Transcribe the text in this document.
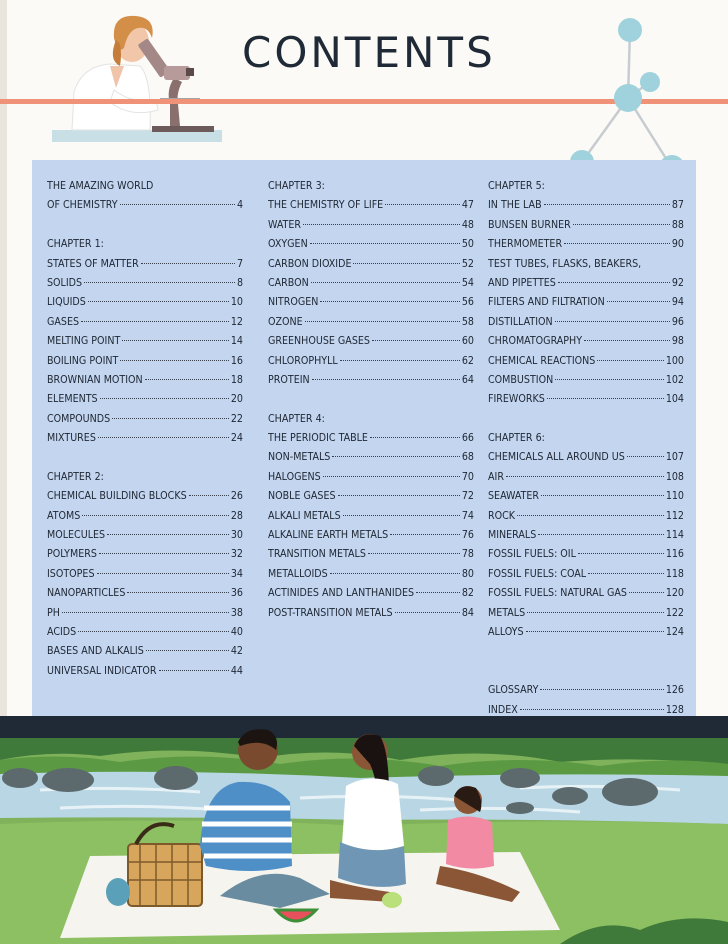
CONTENTS
THE AMAZING WORLD
OF CHEMISTRY	4
CHAPTER 1:
STATES OF MATTER	7
SOLIDS	8
LIQUIDS	10
GASES	12
MELTING POINT	14
BOILING POINT	16
BROWNIAN MOTION	18
ELEMENTS	20
COMPOUNDS	22
MIXTURES	24
CHAPTER 2:
CHEMICAL BUILDING BLOCKS	26
ATOMS	28
MOLECULES	30
POLYMERS	32
ISOTOPES	34
NANOPARTICLES	36
PH	38
ACIDS	40
BASES AND ALKALIS	42
UNIVERSAL INDICATOR	44
CHAPTER 3:
THE CHEMISTRY OF LIFE	47
WATER	48
OXYGEN	50
CARBON DIOXIDE	52
CARBON	54
NITROGEN	56
OZONE	58
GREENHOUSE GASES	60
CHLOROPHYLL	62
PROTEIN	64
CHAPTER 4:
THE PERIODIC TABLE	66
NON-METALS	68
HALOGENS	70
NOBLE GASES	72
ALKALI METALS	74
ALKALINE EARTH METALS	76
TRANSITION METALS	78
METALLOIDS	80
ACTINIDES AND LANTHANIDES	82
POST-TRANSITION METALS	84
CHAPTER 5:
IN THE LAB	87
BUNSEN BURNER	88
THERMOMETER	90
TEST TUBES, FLASKS, BEAKERS,
AND PIPETTES	92
FILTERS AND FILTRATION	94
DISTILLATION	96
CHROMATOGRAPHY	98
CHEMICAL REACTIONS	100
COMBUSTION	102
FIREWORKS	104
CHAPTER 6:
CHEMICALS ALL AROUND US	107
AIR	108
SEAWATER	110
ROCK	112
MINERALS	114
FOSSIL FUELS: OIL	116
FOSSIL FUELS: COAL	118
FOSSIL FUELS: NATURAL GAS	120
METALS	122
ALLOYS	124
GLOSSARY	126
INDEX	128
